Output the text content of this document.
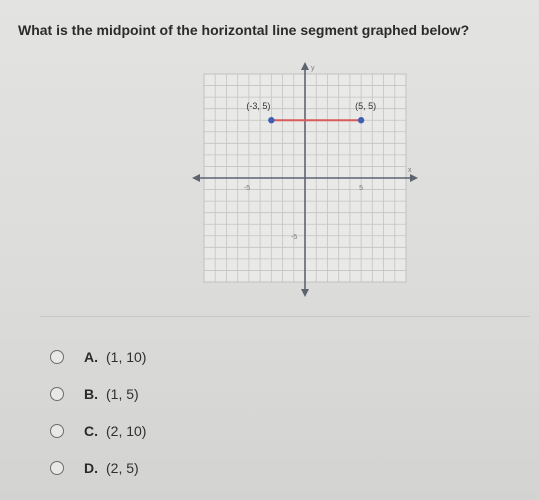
What is the midpoint of the horizontal line segment graphed below?
x
y
-5	5
-5
(-3, 5)	(5, 5)
A. (1, 10)
B. (1, 5)
C. (2, 10)
D. (2, 5)
